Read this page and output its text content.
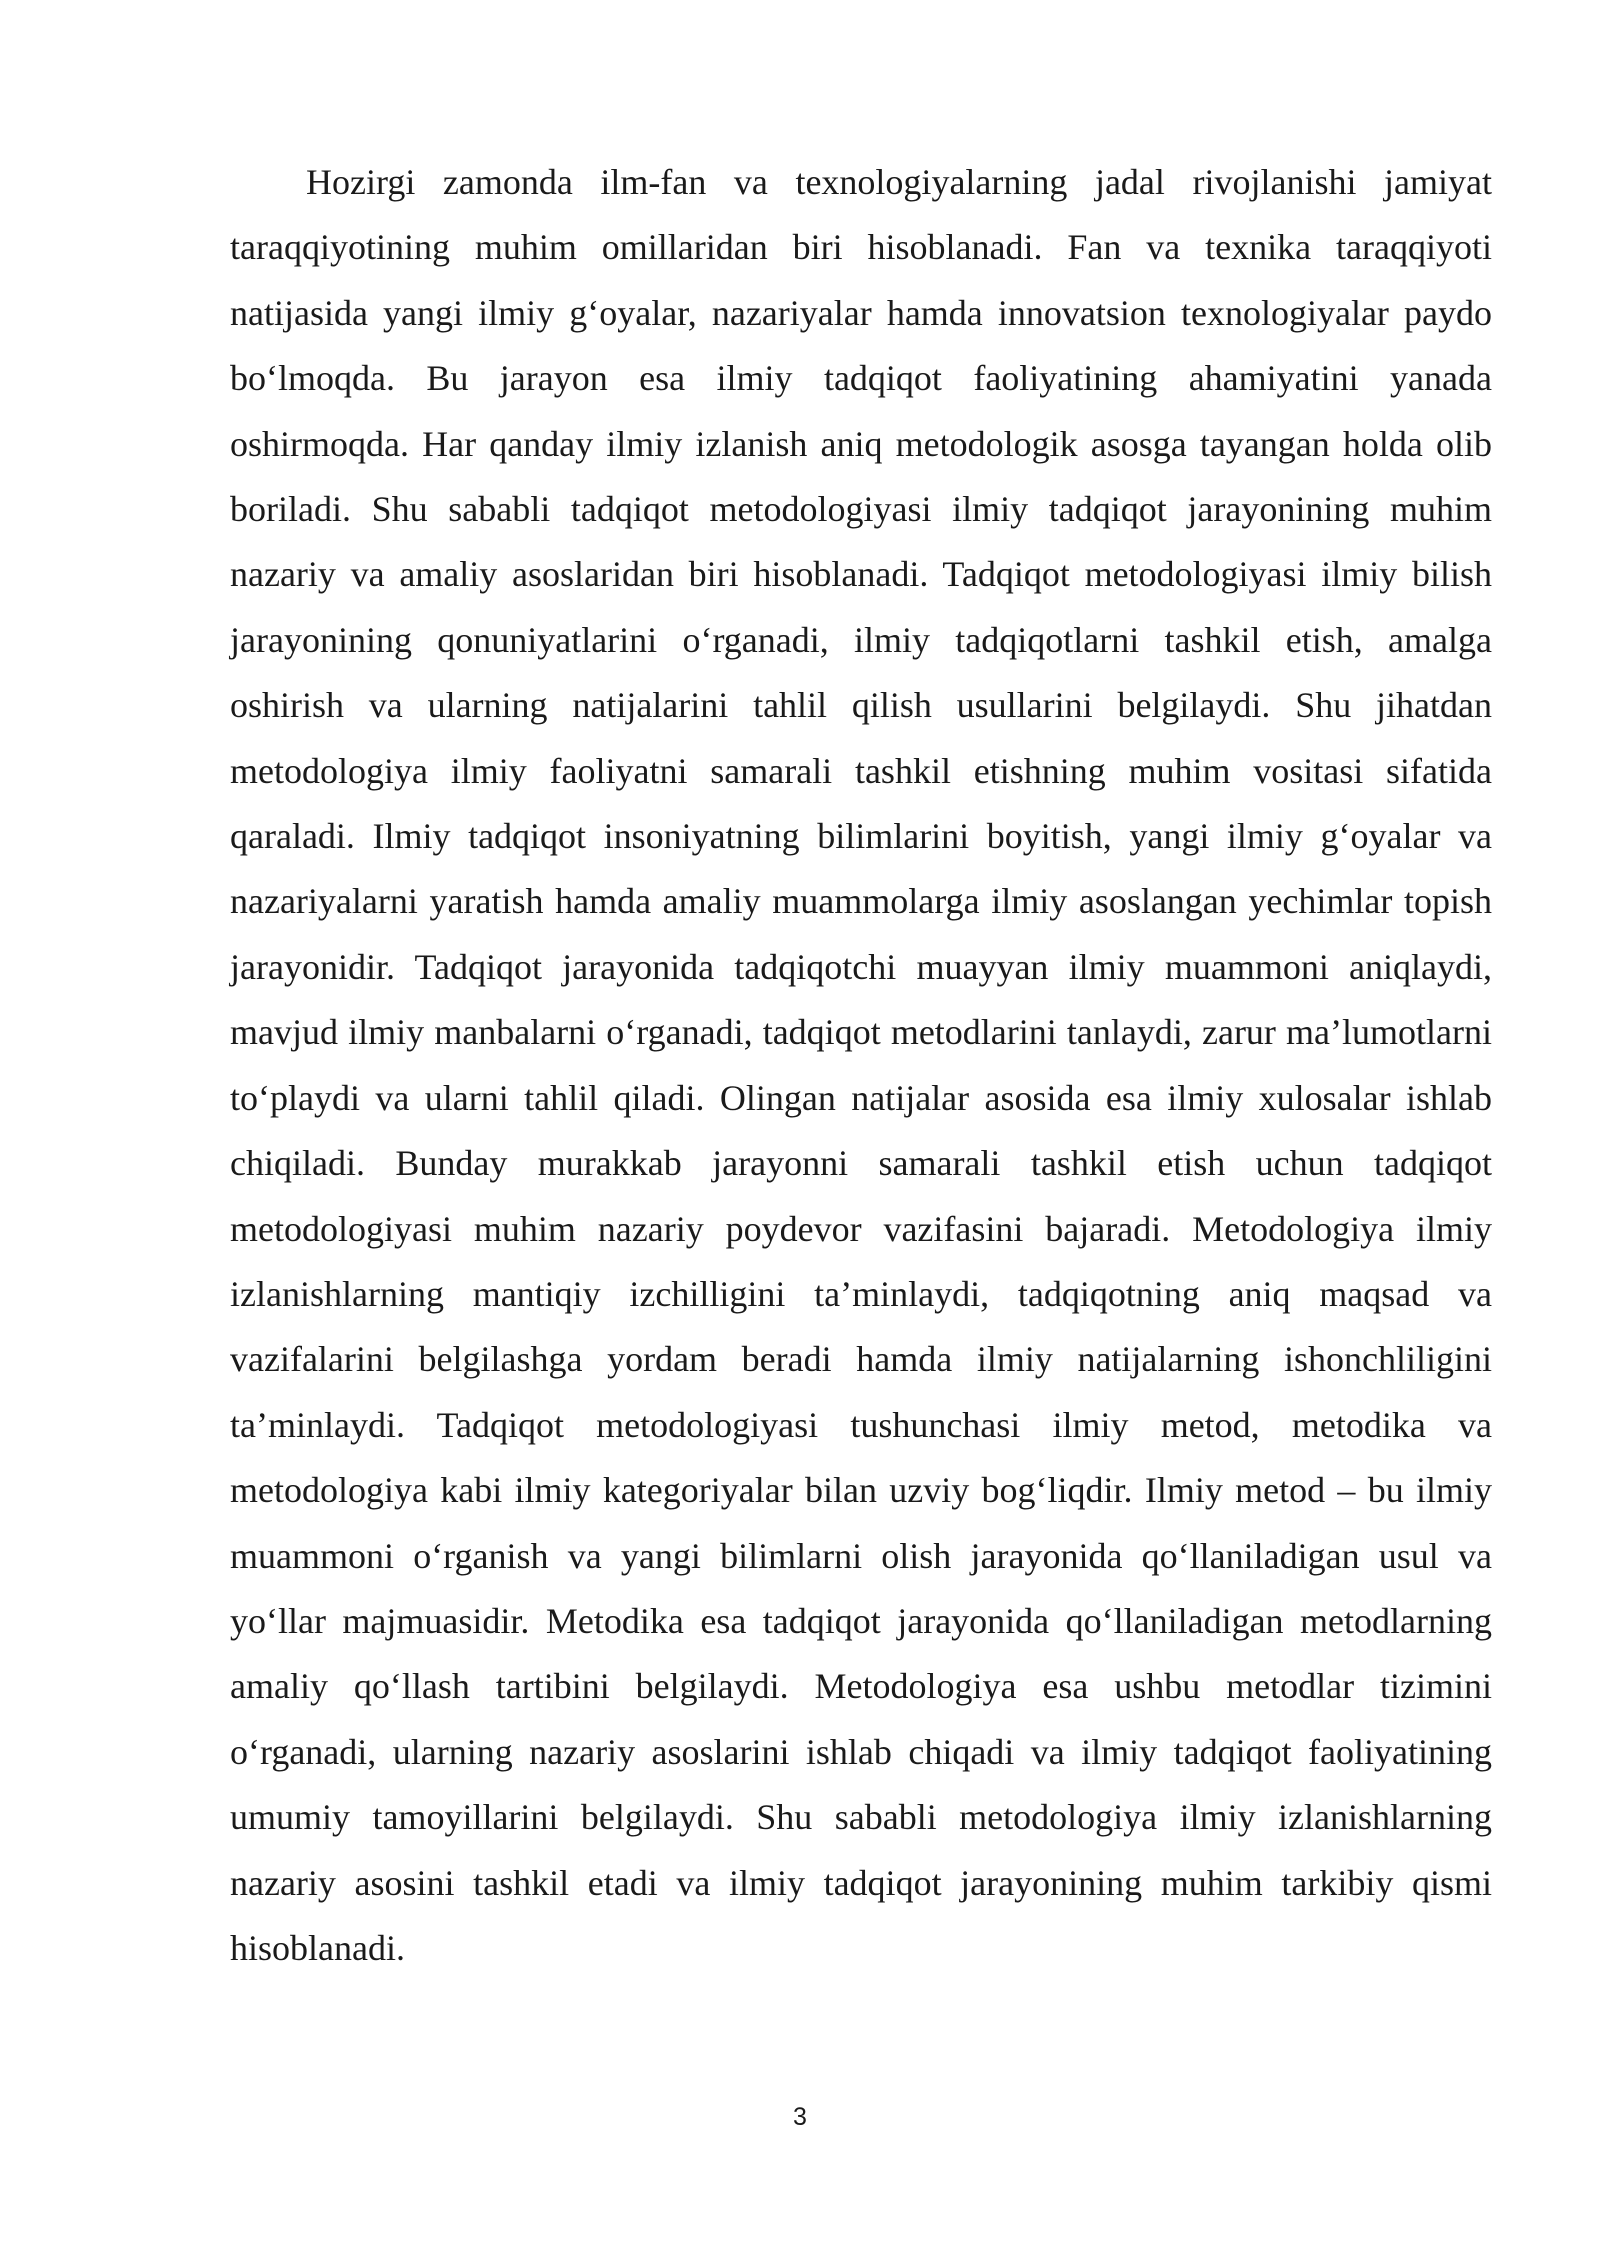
Hozirgi zamonda ilm-fan va texnologiyalarning jadal rivojlanishi jamiyat taraqqiyotining muhim omillaridan biri hisoblanadi. Fan va texnika taraqqiyoti natijasida yangi ilmiy g‘oyalar, nazariyalar hamda innovatsion texnologiyalar paydo bo‘lmoqda. Bu jarayon esa ilmiy tadqiqot faoliyatining ahamiyatini yanada oshirmoqda. Har qanday ilmiy izlanish aniq metodologik asosga tayangan holda olib boriladi. Shu sababli tadqiqot metodologiyasi ilmiy tadqiqot jarayonining muhim nazariy va amaliy asoslaridan biri hisoblanadi. Tadqiqot metodologiyasi ilmiy bilish jarayonining qonuniyatlarini o‘rganadi, ilmiy tadqiqotlarni tashkil etish, amalga oshirish va ularning natijalarini tahlil qilish usullarini belgilaydi. Shu jihatdan metodologiya ilmiy faoliyatni samarali tashkil etishning muhim vositasi sifatida qaraladi. Ilmiy tadqiqot insoniyatning bilimlarini boyitish, yangi ilmiy g‘oyalar va nazariyalarni yaratish hamda amaliy muammolarga ilmiy asoslangan yechimlar topish jarayonidir. Tadqiqot jarayonida tadqiqotchi muayyan ilmiy muammoni aniqlaydi, mavjud ilmiy manbalarni o‘rganadi, tadqiqot metodlarini tanlaydi, zarur ma’lumotlarni to‘playdi va ularni tahlil qiladi. Olingan natijalar asosida esa ilmiy xulosalar ishlab chiqiladi. Bunday murakkab jarayonni samarali tashkil etish uchun tadqiqot metodologiyasi muhim nazariy poydevor vazifasini bajaradi. Metodologiya ilmiy izlanishlarning mantiqiy izchilligini ta’minlaydi, tadqiqotning aniq maqsad va vazifalarini belgilashga yordam beradi hamda ilmiy natijalarning ishonchliligini ta’minlaydi. Tadqiqot metodologiyasi tushunchasi ilmiy metod, metodika va metodologiya kabi ilmiy kategoriyalar bilan uzviy bog‘liqdir. Ilmiy metod – bu ilmiy muammoni o‘rganish va yangi bilimlarni olish jarayonida qo‘llaniladigan usul va yo‘llar majmuasidir. Metodika esa tadqiqot jarayonida qo‘llaniladigan metodlarning amaliy qo‘llash tartibini belgilaydi. Metodologiya esa ushbu metodlar tizimini o‘rganadi, ularning nazariy asoslarini ishlab chiqadi va ilmiy tadqiqot faoliyatining umumiy tamoyillarini belgilaydi. Shu sababli metodologiya ilmiy izlanishlarning nazariy asosini tashkil etadi va ilmiy tadqiqot jarayonining muhim tarkibiy qismi hisoblanadi.

3
